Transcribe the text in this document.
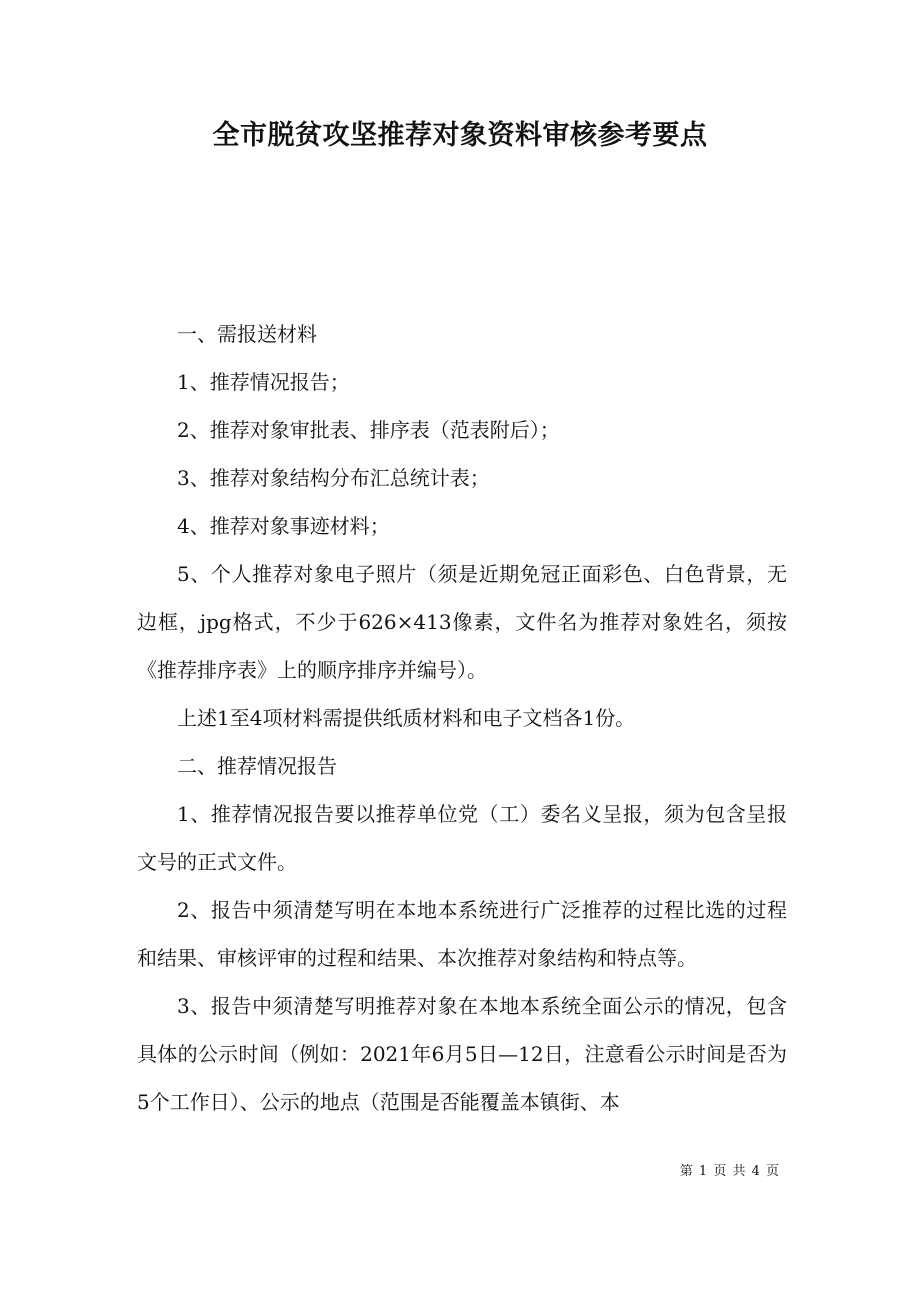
全市脱贫攻坚推荐对象资料审核参考要点

一、需报送材料

1、推荐情况报告；

2、推荐对象审批表、排序表（范表附后）；

3、推荐对象结构分布汇总统计表；

4、推荐对象事迹材料；

5、个人推荐对象电子照片（须是近期免冠正面彩色、白色背景，无边框，jpg格式，不少于626×413像素，文件名为推荐对象姓名，须按《推荐排序表》上的顺序排序并编号）。

上述1至4项材料需提供纸质材料和电子文档各1份。

二、推荐情况报告

1、推荐情况报告要以推荐单位党（工）委名义呈报，须为包含呈报文号的正式文件。

2、报告中须清楚写明在本地本系统进行广泛推荐的过程比选的过程和结果、审核评审的过程和结果、本次推荐对象结构和特点等。

3、报告中须清楚写明推荐对象在本地本系统全面公示的情况，包含具体的公示时间（例如：2021年6月5日—12日，注意看公示时间是否为5个工作日）、公示的地点（范围是否能覆盖本镇街、本

第 1 页 共 4 页
